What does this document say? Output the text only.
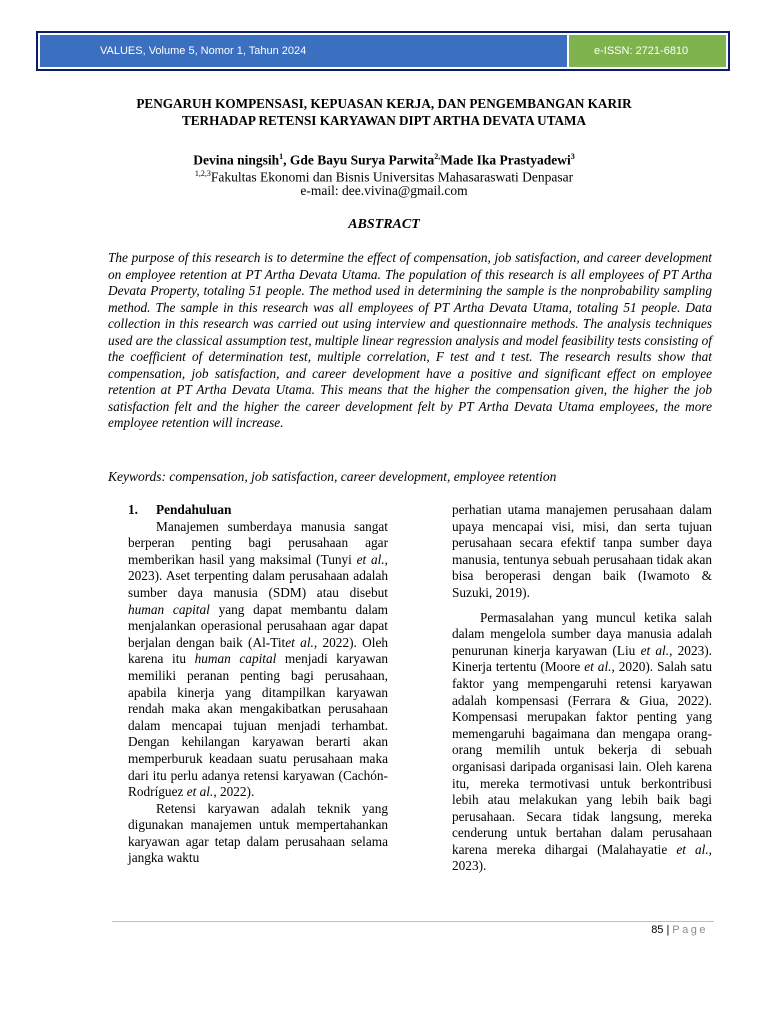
VALUES, Volume 5, Nomor 1, Tahun 2024	e-ISSN: 2721-6810
PENGARUH KOMPENSASI, KEPUASAN KERJA, DAN PENGEMBANGAN KARIR
TERHADAP RETENSI KARYAWAN DIPT ARTHA DEVATA UTAMA
Devina ningsih$^1$, Gde Bayu Surya Parwita$^{2,}$Made Ika Prastyadewi$^3$
$^{1,2,3}$Fakultas Ekonomi dan Bisnis Universitas Mahasaraswati Denpasar
e-mail: dee.vivina@gmail.com
ABSTRACT
The purpose of this research is to determine the effect of compensation, job satisfaction, and career development on employee retention at PT Artha Devata Utama. The population of this research is all employees of PT Artha Devata Property, totaling 51 people. The method used in determining the sample is the nonprobability sampling method. The sample in this research was all employees of PT Artha Devata Utama, totaling 51 people. Data collection in this research was carried out using interview and questionnaire methods. The analysis techniques used are the classical assumption test, multiple linear regression analysis and model feasibility tests consisting of the coefficient of determination test, multiple correlation, F test and t test. The research results show that compensation, job satisfaction, and career development have a positive and significant effect on employee retention at PT Artha Devata Utama. This means that the higher the compensation given, the higher the job satisfaction felt and the higher the career development felt by PT Artha Devata Utama employees, the more employee retention will increase.
Keywords: compensation, job satisfaction, career development, employee retention

1. Pendahuluan

Manajemen sumberdaya manusia sangat berperan penting bagi perusahaan agar memberikan hasil yang maksimal (Tunyi et al., 2023). Aset terpenting dalam perusahaan adalah sumber daya manusia (SDM) atau disebut human capital yang dapat membantu dalam menjalankan operasional perusahaan agar dapat berjalan dengan baik (Al-Titet al., 2022). Oleh karena itu human capital menjadi karyawan memiliki peranan penting bagi perusahaan, apabila kinerja yang ditampilkan karyawan rendah maka akan mengakibatkan perusahaan dalam mencapai tujuan menjadi terhambat. Dengan kehilangan karyawan berarti akan memperburuk keadaan suatu perusahaan maka dari itu perlu adanya retensi karyawan (Cachón-Rodríguez et al., 2022).

Retensi karyawan adalah teknik yang digunakan manajemen untuk mempertahankan karyawan agar tetap dalam perusahaan selama jangka waktu

perhatian utama manajemen perusahaan dalam upaya mencapai visi, misi, dan serta tujuan perusahaan secara efektif tanpa sumber daya manusia, tentunya sebuah perusahaan tidak akan bisa beroperasi dengan baik (Iwamoto & Suzuki, 2019).

Permasalahan yang muncul ketika salah dalam mengelola sumber daya manusia adalah penurunan kinerja karyawan (Liu et al., 2023). Kinerja tertentu (Moore et al., 2020). Salah satu faktor yang mempengaruhi retensi karyawan adalah kompensasi (Ferrara & Giua, 2022). Kompensasi merupakan faktor penting yang memengaruhi bagaimana dan mengapa orang-orang memilih untuk bekerja di sebuah organisasi daripada organisasi lain. Oleh karena itu, mereka termotivasi untuk berkontribusi lebih atau melakukan yang lebih baik bagi perusahaan. Secara tidak langsung, mereka cenderung untuk bertahan dalam perusahaan karena mereka dihargai (Malahayatie et al., 2023).

85 | Page
